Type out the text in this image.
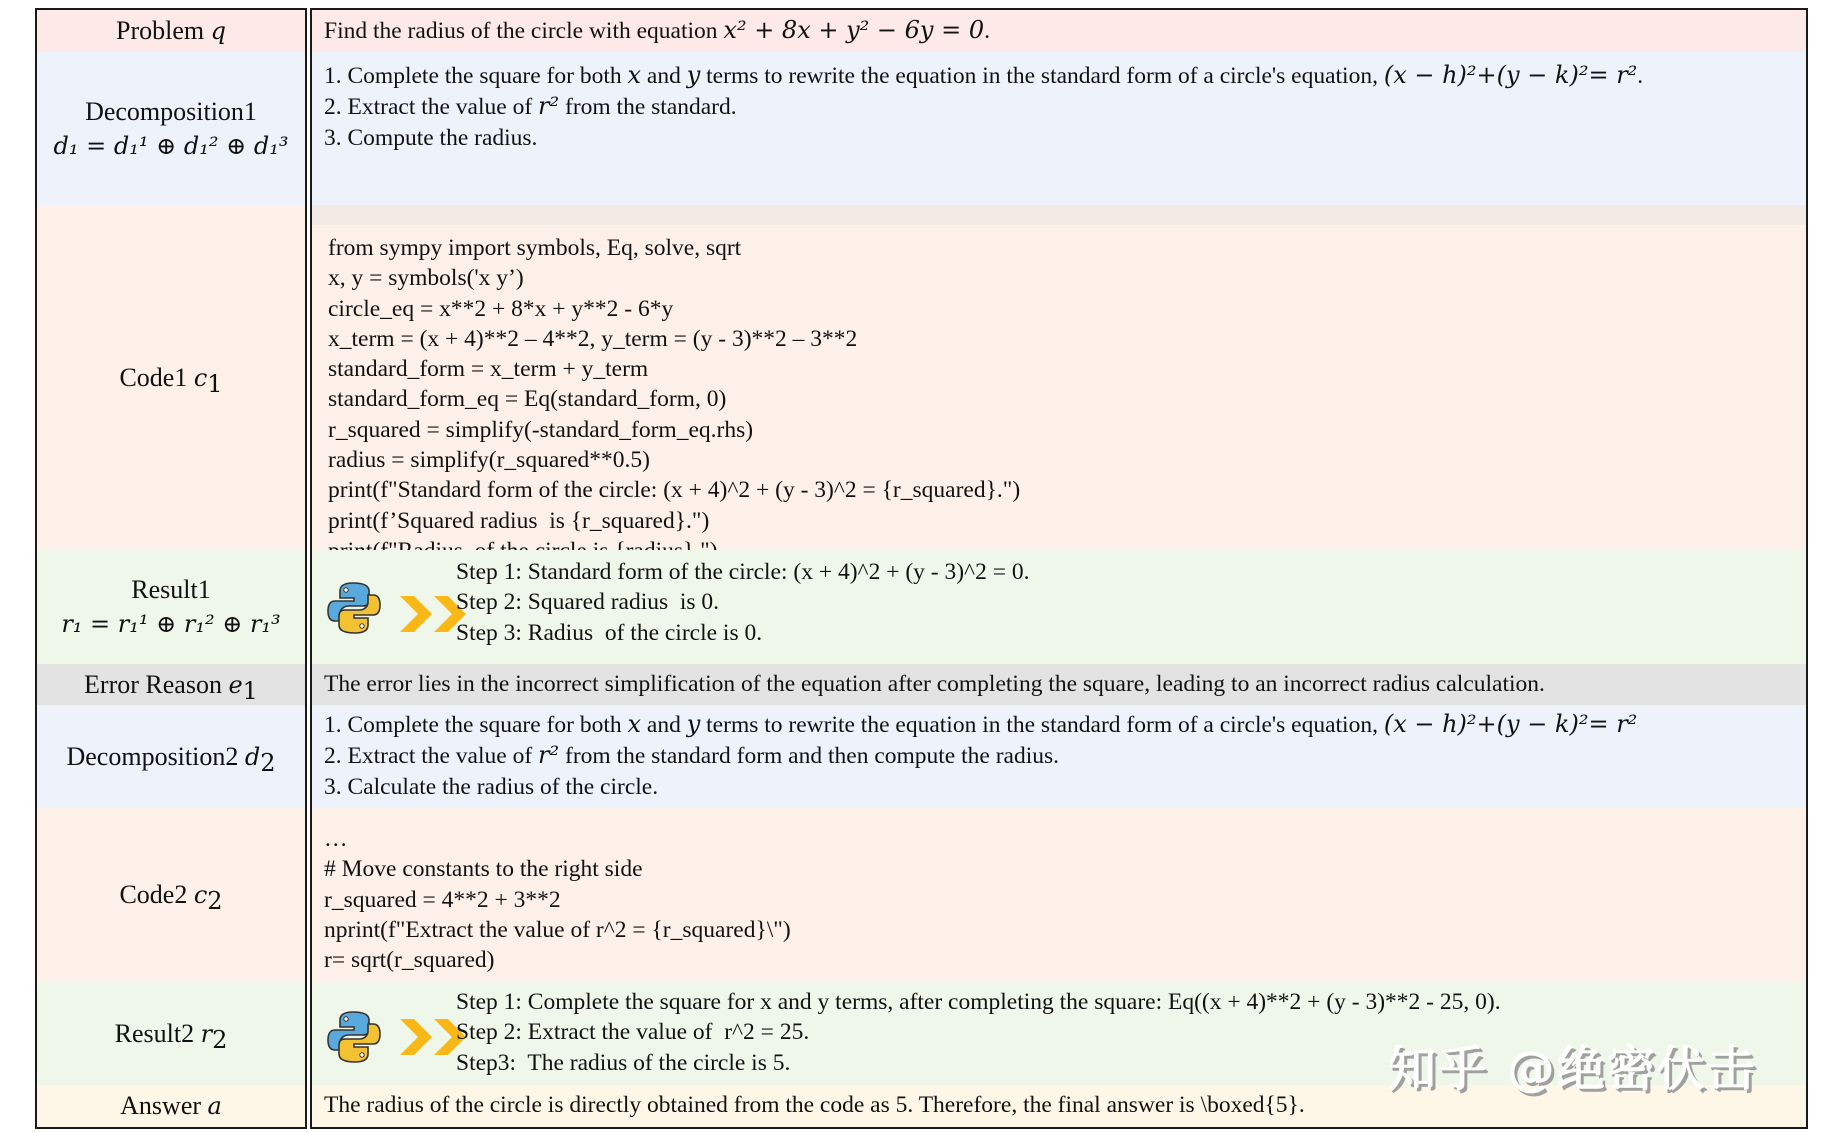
Problem q
Decomposition1
d₁ = d₁¹ ⊕ d₁² ⊕ d₁³
Code1 $c_1$
Result1
r₁ = r₁¹ ⊕ r₁² ⊕ r₁³
Error Reason $e_1$
Decomposition2 $d_2$
Code2 $c_2$
Result2 $r_2$
Answer a
Find the radius of the circle with equation x² + 8x + y² − 6y = 0.
1. Complete the square for both x and y terms to rewrite the equation in the standard form of a circle's equation, (x − h)²+(y − k)²= r².
2. Extract the value of r² from the standard.
3. Compute the radius.
from sympy import symbols, Eq, solve, sqrt
x, y = symbols('x y’)
circle_eq = x**2 + 8*x + y**2 - 6*y
x_term = (x + 4)**2 – 4**2, y_term = (y - 3)**2 – 3**2
standard_form = x_term + y_term
standard_form_eq = Eq(standard_form, 0)
r_squared = simplify(-standard_form_eq.rhs)
radius = simplify(r_squared**0.5)
print(f"Standard form of the circle: (x + 4)^2 + (y - 3)^2 = {r_squared}.")
print(f’Squared radius  is {r_squared}.")
Step 1: Standard form of the circle: (x + 4)^2 + (y - 3)^2 = 0.
Step 2: Squared radius  is 0.
Step 3: Radius  of the circle is 0.
The error lies in the incorrect simplification of the equation after completing the square, leading to an incorrect radius calculation.
1. Complete the square for both x and y terms to rewrite the equation in the standard form of a circle's equation, (x − h)²+(y − k)²= r²
2. Extract the value of r² from the standard form and then compute the radius.
3. Calculate the radius of the circle.
…
# Move constants to the right side
r_squared = 4**2 + 3**2
nprint(f"Extract the value of r^2 = {r_squared}\")
r= sqrt(r_squared)
Step 1: Complete the square for x and y terms, after completing the square: Eq((x + 4)**2 + (y - 3)**2 - 25, 0).
Step 2: Extract the value of  r^2 = 25.
Step3:  The radius of the circle is 5.
The radius of the circle is directly obtained from the code as 5. Therefore, the final answer is \boxed{5}.
知乎 @绝密伏击
